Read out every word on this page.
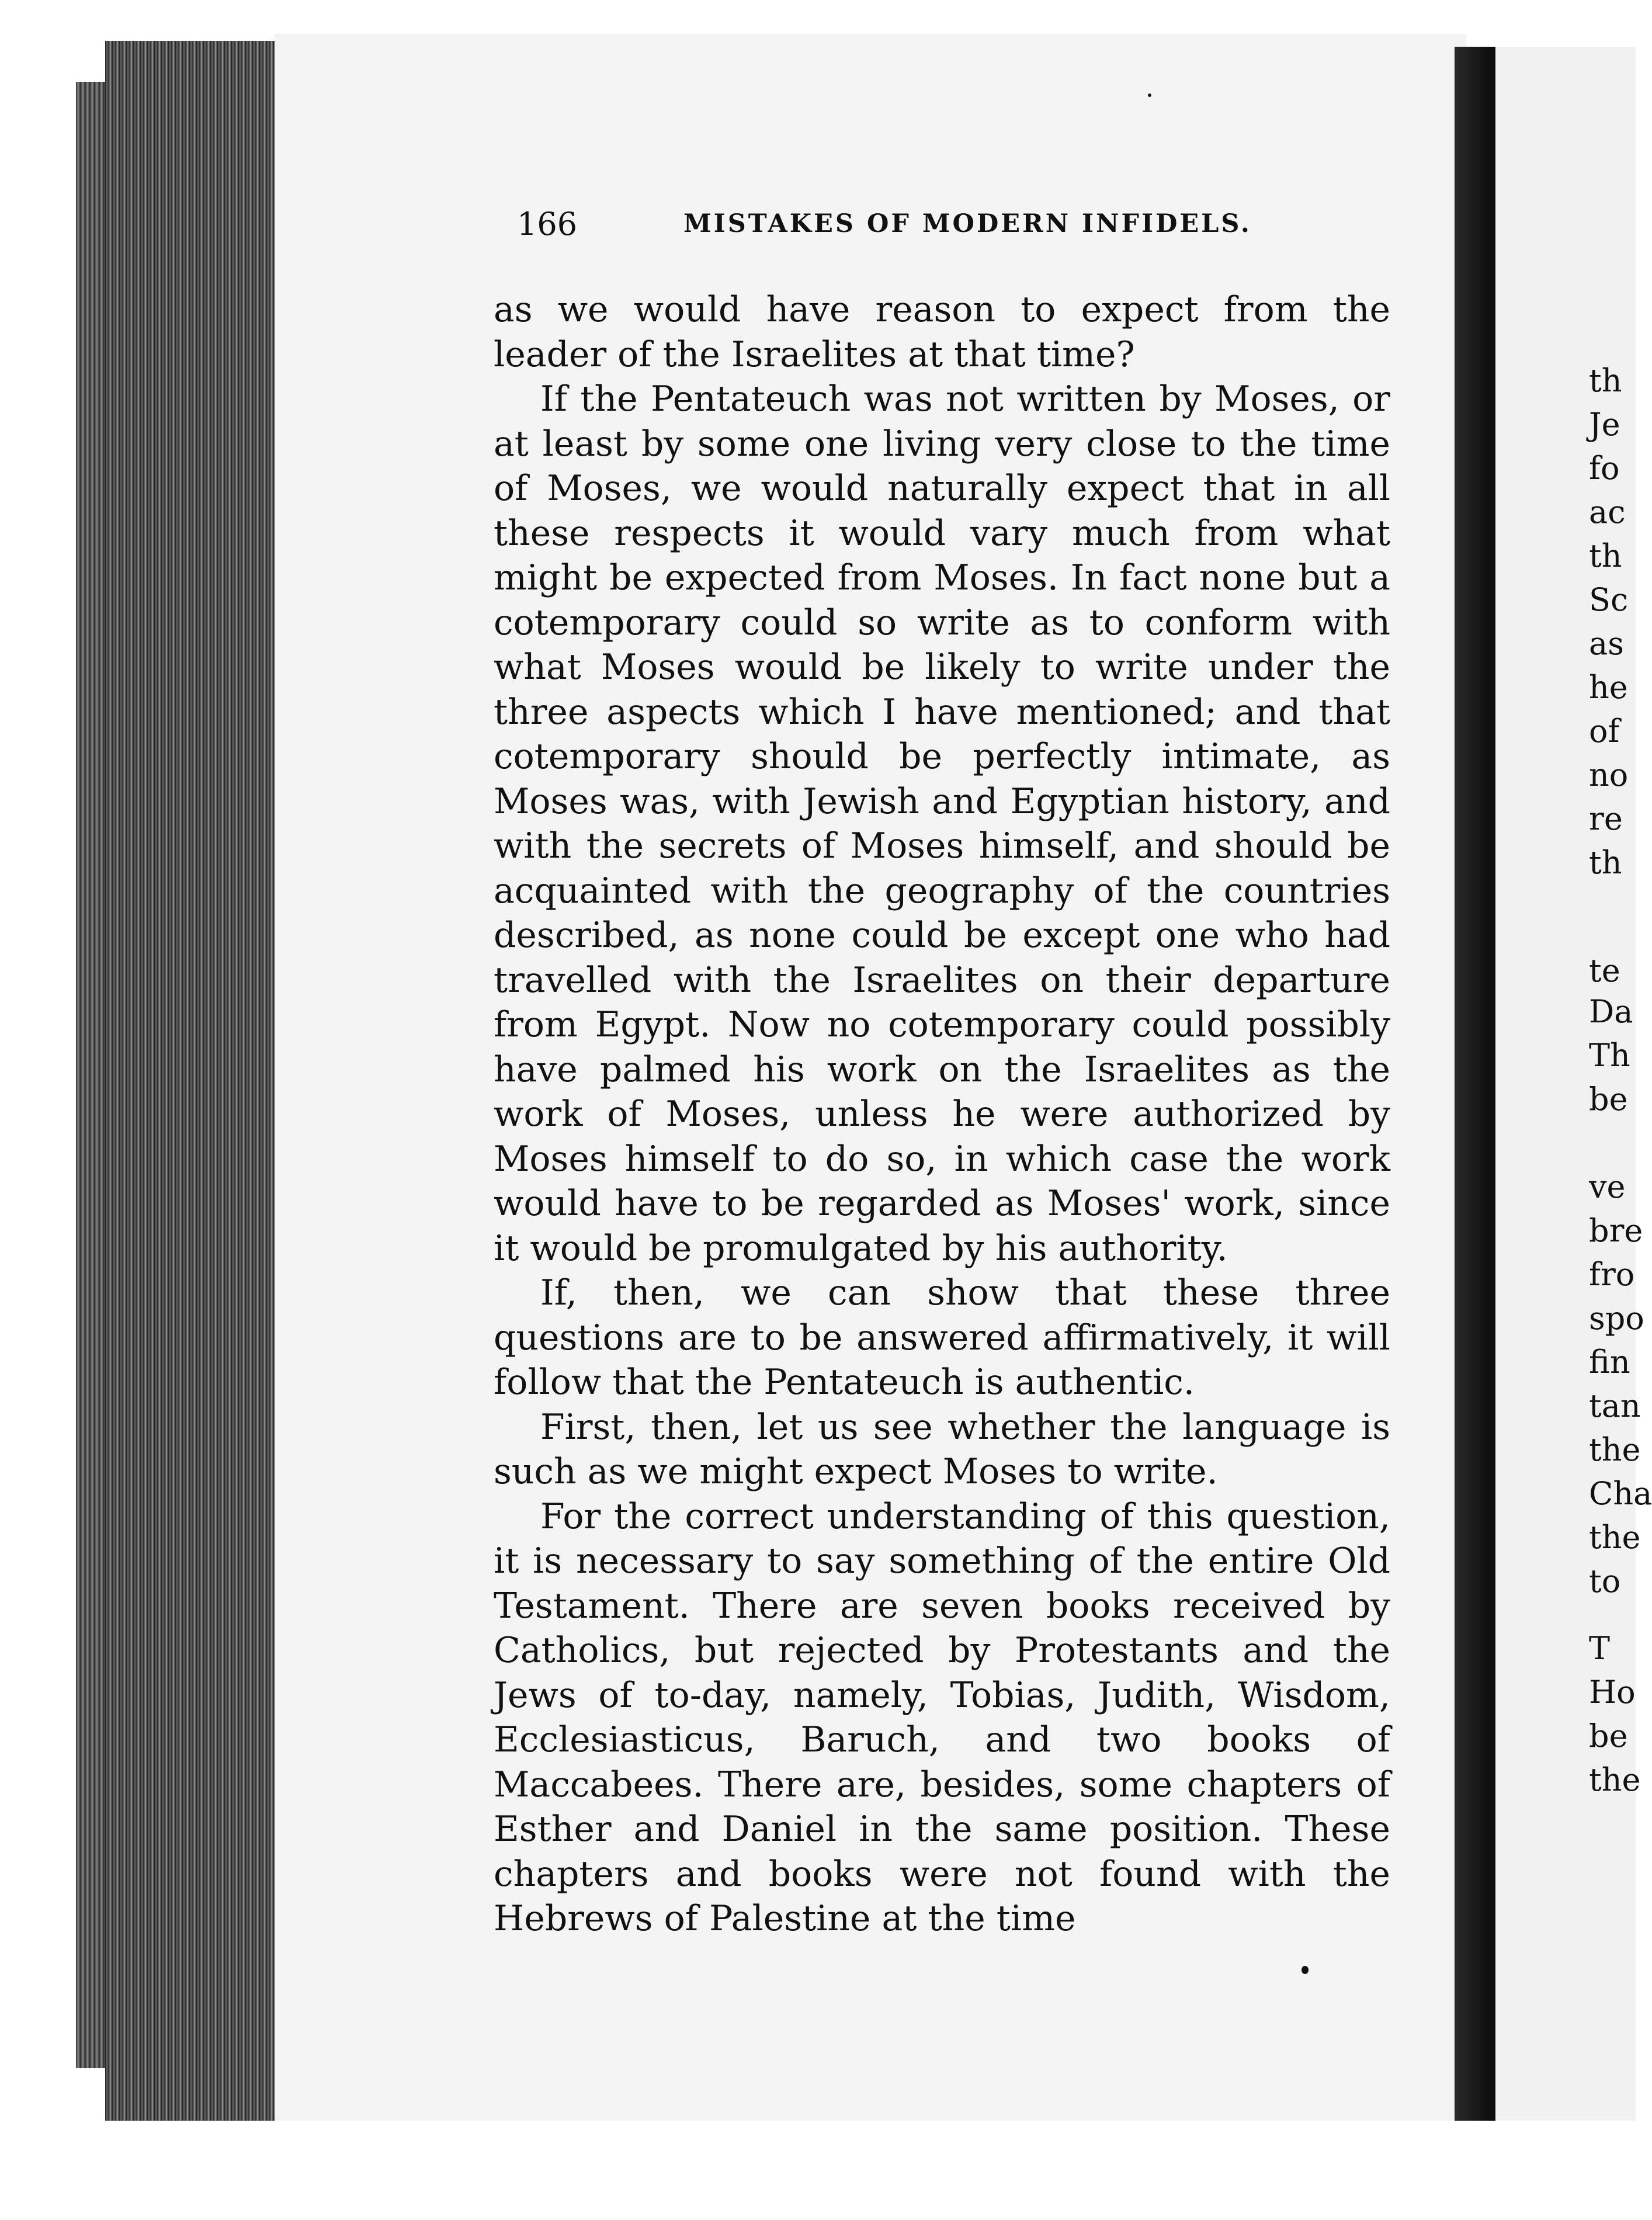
166	MISTAKES OF MODERN INFIDELS.

as we would have reason to expect from the leader of the Israelites at that time?

If the Pentateuch was not written by Moses, or at least by some one living very close to the time of Moses, we would naturally expect that in all these respects it would vary much from what might be expected from Moses. In fact none but a cotemporary could so write as to conform with what Moses would be likely to write under the three aspects which I have mentioned; and that cotemporary should be perfectly intimate, as Moses was, with Jewish and Egyptian history, and with the secrets of Moses himself, and should be acquainted with the geography of the countries described, as none could be except one who had travelled with the Israelites on their departure from Egypt. Now no cotemporary could possibly have palmed his work on the Israelites as the work of Moses, unless he were authorized by Moses himself to do so, in which case the work would have to be regarded as Moses' work, since it would be promulgated by his authority.

If, then, we can show that these three questions are to be answered affirmatively, it will follow that the Pentateuch is authentic.

First, then, let us see whether the language is such as we might expect Moses to write.

For the correct understanding of this question, it is necessary to say something of the entire Old Testament. There are seven books received by Catholics, but rejected by Protestants and the Jews of to-day, namely, Tobias, Judith, Wisdom, Ecclesiasticus, Baruch, and two books of Maccabees. There are, besides, some chapters of Esther and Daniel in the same position. These chapters and books were not found with the Hebrews of Palestine at the time

th
Je
fo
ac
th
Sc
as
he
of
no
re
th
te
Da
Th
be
ve
bre
fro
spo
fin
tan
the
Cha
the
to
T
Ho
be
the
